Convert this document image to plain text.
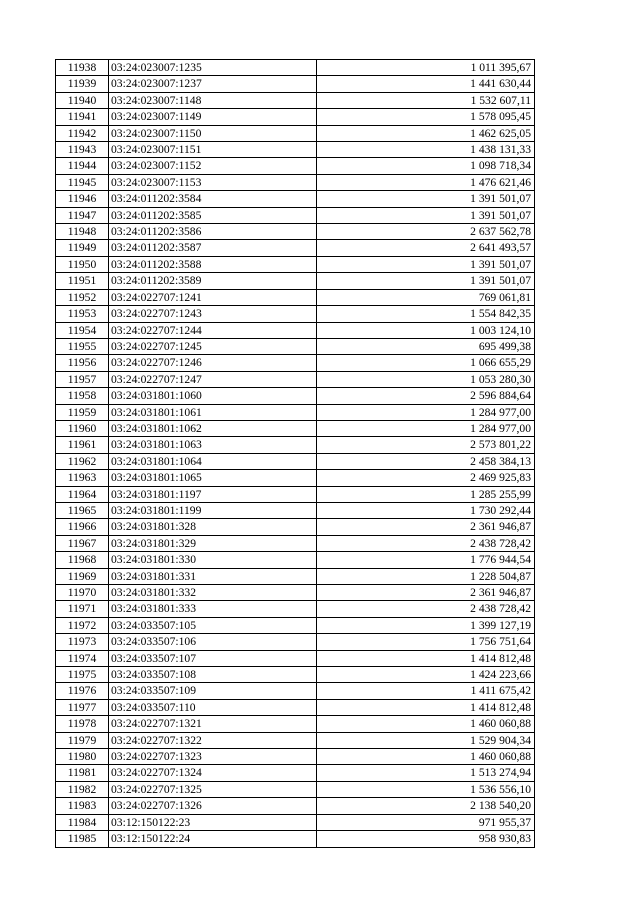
11938	03:24:023007:1235	1 011 395,67
11939	03:24:023007:1237	1 441 630,44
11940	03:24:023007:1148	1 532 607,11
11941	03:24:023007:1149	1 578 095,45
11942	03:24:023007:1150	1 462 625,05
11943	03:24:023007:1151	1 438 131,33
11944	03:24:023007:1152	1 098 718,34
11945	03:24:023007:1153	1 476 621,46
11946	03:24:011202:3584	1 391 501,07
11947	03:24:011202:3585	1 391 501,07
11948	03:24:011202:3586	2 637 562,78
11949	03:24:011202:3587	2 641 493,57
11950	03:24:011202:3588	1 391 501,07
11951	03:24:011202:3589	1 391 501,07
11952	03:24:022707:1241	769 061,81
11953	03:24:022707:1243	1 554 842,35
11954	03:24:022707:1244	1 003 124,10
11955	03:24:022707:1245	695 499,38
11956	03:24:022707:1246	1 066 655,29
11957	03:24:022707:1247	1 053 280,30
11958	03:24:031801:1060	2 596 884,64
11959	03:24:031801:1061	1 284 977,00
11960	03:24:031801:1062	1 284 977,00
11961	03:24:031801:1063	2 573 801,22
11962	03:24:031801:1064	2 458 384,13
11963	03:24:031801:1065	2 469 925,83
11964	03:24:031801:1197	1 285 255,99
11965	03:24:031801:1199	1 730 292,44
11966	03:24:031801:328	2 361 946,87
11967	03:24:031801:329	2 438 728,42
11968	03:24:031801:330	1 776 944,54
11969	03:24:031801:331	1 228 504,87
11970	03:24:031801:332	2 361 946,87
11971	03:24:031801:333	2 438 728,42
11972	03:24:033507:105	1 399 127,19
11973	03:24:033507:106	1 756 751,64
11974	03:24:033507:107	1 414 812,48
11975	03:24:033507:108	1 424 223,66
11976	03:24:033507:109	1 411 675,42
11977	03:24:033507:110	1 414 812,48
11978	03:24:022707:1321	1 460 060,88
11979	03:24:022707:1322	1 529 904,34
11980	03:24:022707:1323	1 460 060,88
11981	03:24:022707:1324	1 513 274,94
11982	03:24:022707:1325	1 536 556,10
11983	03:24:022707:1326	2 138 540,20
11984	03:12:150122:23	971 955,37
11985	03:12:150122:24	958 930,83
